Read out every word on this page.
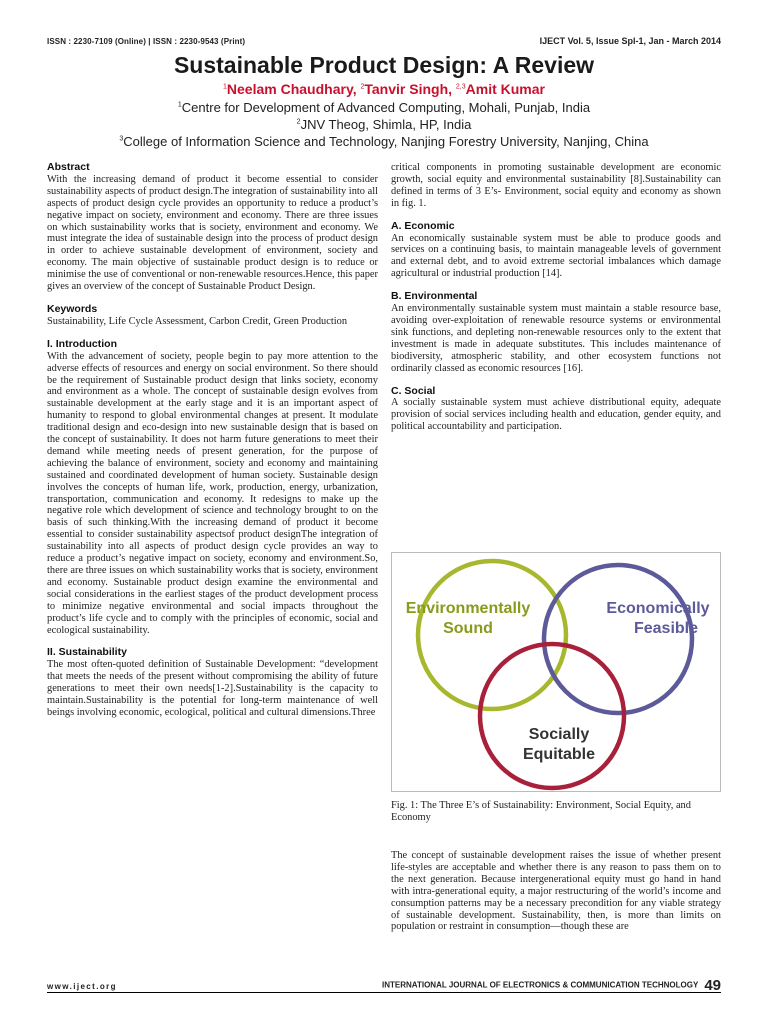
ISSN : 2230-7109 (Online) | ISSN : 2230-9543 (Print)	IJECT Vol. 5, Issue Spl-1, Jan - March 2014
Sustainable Product Design: A Review
$^1$Neelam Chaudhary, $^2$Tanvir Singh, $^{2,3}$Amit Kumar
$^1$Centre for Development of Advanced Computing, Mohali, Punjab, India
$^2$JNV Theog, Shimla, HP, India
$^3$College of Information Science and Technology, Nanjing Forestry University, Nanjing, China

Abstract

With the increasing demand of product it become essential to consider sustainability aspects of product design.The integration of sustainability into all aspects of product design cycle provides an opportunity to reduce a product’s negative impact on society, environment and economy. There are three issues on which sustainability works that is society, environment and economy. We must integrate the idea of sustainable design into the process of product design in order to achieve sustainable development of environment, society and economy. The main objective of sustainable product design is to reduce or minimise the use of conventional or non-renewable resources.Hence, this paper gives an overview of the concept of Sustainable Product Design.

Keywords

Sustainability, Life Cycle Assessment, Carbon Credit, Green Production

I. Introduction

With the advancement of society, people begin to pay more attention to the adverse effects of resources and energy on social environment. So there should be the requirement of Sustainable product design that links society, economy and environment as a whole. The concept of sustainable design evolves from sustainable development at the early stage and it is an important aspect of humanity to respond to global environmental changes at present. It modulate traditional design and eco-design into new sustainable design that is based on the concept of sustainability. It does not harm future generations to meet their demand while meeting needs of present generation, for the purpose of achieving the balance of environment, society and economy and maintaining sustained and coordinated development of human society. Sustainable design involves the concepts of human life, work, production, energy, urbanization, transportation, communication and economy. It redesigns to make up the negative role which development of science and technology brought to on the basis of such thinking.With the increasing demand of product it become essential to consider sustainability aspectsof product designThe integration of sustainability into all aspects of product design cycle provides an way to reduce a product’s negative impact on society, economy and environment.So, there are three issues on which sustainability works that is society, environment and economy. Sustainable product design examine the environmental and social considerations in the earliest stages of the product development process to minimize negative environmental and social impacts throughout the product’s life cycle and to comply with the principles of economic, social and ecological sustainability.

II. Sustainability

The most often-quoted definition of Sustainable Development: “development that meets the needs of the present without compromising the ability of future generations to meet their own needs[1-2].Sustainability is the capacity to maintain.Sustainability is the potential for long-term maintenance of well beings involving economic, ecological, political and cultural dimensions.Three

critical components in promoting sustainable development are economic growth, social equity and environmental sustainability [8].Sustainability can defined in terms of 3 E’s- Environment, social equity and economy as shown in fig. 1.

A. Economic

An economically sustainable system must be able to produce goods and services on a continuing basis, to maintain manageable levels of government and external debt, and to avoid extreme sectorial imbalances which damage agricultural or industrial production [14].

B. Environmental

An environmentally sustainable system must maintain a stable resource base, avoiding over-exploitation of renewable resource systems or environmental sink functions, and depleting non-renewable resources only to the extent that investment is made in adequate substitutes. This includes maintenance of biodiversity, atmospheric stability, and other ecosystem functions not ordinarily classed as economic resources [16].

C. Social

A socially sustainable system must achieve distributional equity, adequate provision of social services including health and education, gender equity, and political accountability and participation.

Environmentally
Sound
Economically
Feasible
Socially
Equitable
Fig. 1: The Three E’s of Sustainability: Environment, Social Equity, and Economy
The concept of sustainable development raises the issue of whether present life-styles are acceptable and whether there is any reason to pass them on to the next generation. Because intergenerational equity must go hand in hand with intra-generational equity, a major restructuring of the world’s income and consumption patterns may be a necessary precondition for any viable strategy of sustainable development. Sustainability, then, is more than limits on population or restraint in consumption—though these are
www.iject.org	INTERNATIONAL JOURNAL OF ELECTRONICS & COMMUNICATION TECHNOLOGY 49
